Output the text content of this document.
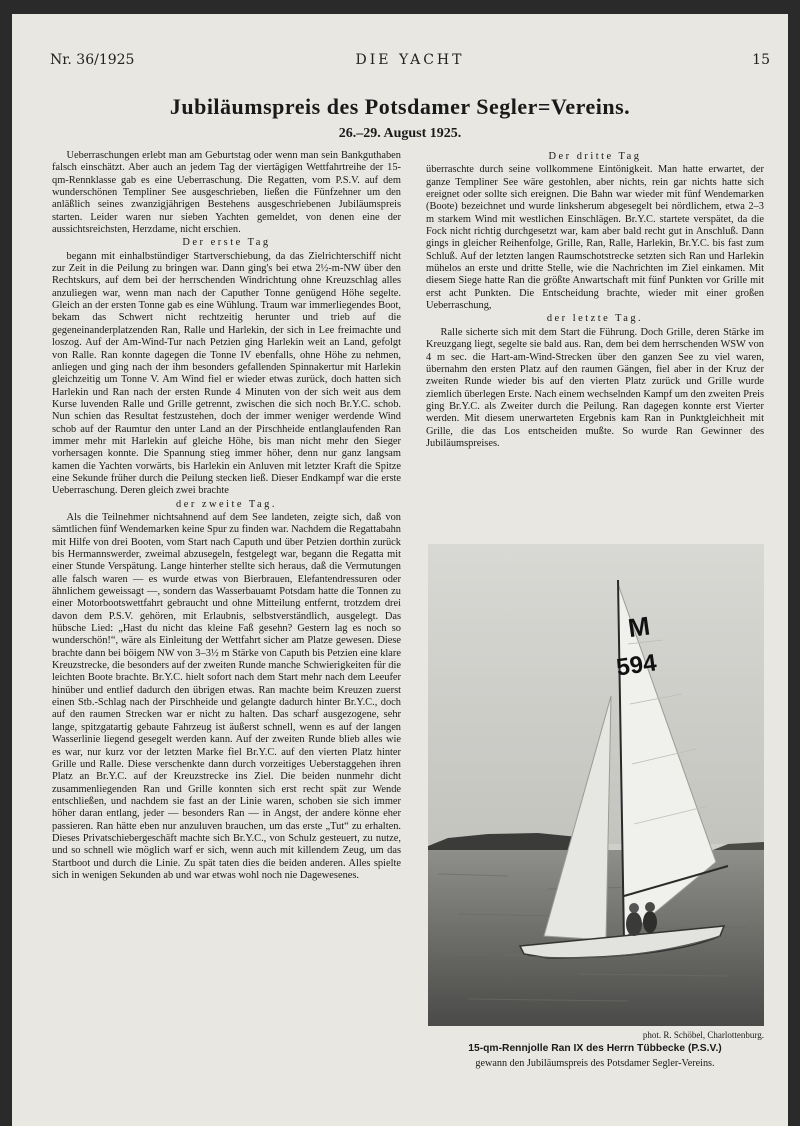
Nr. 36/1925	DIE YACHT	15
Jubiläumspreis des Potsdamer Segler=Vereins.
26.–29. August 1925.

Ueberraschungen erlebt man am Geburtstag oder wenn man sein Bankguthaben falsch einschätzt. Aber auch an jedem Tag der viertägigen Wettfahrtreihe der 15-qm-Rennklasse gab es eine Ueberraschung. Die Regatten, vom P.S.V. auf dem wunderschönen Templiner See ausgeschrieben, ließen die Fünfzehner um den anläßlich seines zwanzigjährigen Bestehens ausgeschriebenen Jubiläumspreis starten. Leider waren nur sieben Yachten gemeldet, von denen eine der aussichtsreichsten, Herzdame, nicht erschien.

Der erste Tag

begann mit einhalbstündiger Startverschiebung, da das Zielrichterschiff nicht zur Zeit in die Peilung zu bringen war. Dann ging's bei etwa 2½-m-NW über den Rechtskurs, auf dem bei der herrschenden Windrichtung ohne Kreuzschlag alles anzuliegen war, wenn man nach der Caputher Tonne genügend Höhe segelte. Gleich an der ersten Tonne gab es eine Wühlung. Traum war immerliegendes Boot, bekam das Schwert nicht rechtzeitig herunter und trieb auf die gegeneinanderplatzenden Ran, Ralle und Harlekin, der sich in Lee freimachte und loszog. Auf der Am-Wind-Tur nach Petzien ging Harlekin weit an Land, gefolgt von Ralle. Ran konnte dagegen die Tonne IV ebenfalls, ohne Höhe zu nehmen, anliegen und ging nach der ihm besonders gefallenden Spinnakertur mit Harlekin gleichzeitig um Tonne V. Am Wind fiel er wieder etwas zurück, doch hatten sich Harlekin und Ran nach der ersten Runde 4 Minuten von der sich weit aus dem Kurse luvenden Ralle und Grille getrennt, zwischen die sich noch Br.Y.C. schob. Nun schien das Resultat festzustehen, doch der immer weniger werdende Wind schob auf der Raumtur den unter Land an der Pirschheide entlanglaufenden Ran immer mehr mit Harlekin auf gleiche Höhe, bis man nicht mehr den Sieger vorhersagen konnte. Die Spannung stieg immer höher, denn nur ganz langsam kamen die Yachten vorwärts, bis Harlekin ein Anluven mit letzter Kraft die Spitze eine Sekunde früher durch die Peilung stecken ließ. Dieser Endkampf war die erste Ueberraschung. Deren gleich zwei brachte

der zweite Tag.

Als die Teilnehmer nichtsahnend auf dem See landeten, zeigte sich, daß von sämtlichen fünf Wendemarken keine Spur zu finden war. Nachdem die Regattabahn mit Hilfe von drei Booten, vom Start nach Caputh und über Petzien dorthin zurück bis Hermannswerder, zweimal abzusegeln, festgelegt war, begann die Regatta mit einer Stunde Verspätung. Lange hinterher stellte sich heraus, daß die Vermutungen alle falsch waren — es wurde etwas von Bierbrauen, Elefantendressuren oder ähnlichem geweissagt —, sondern das Wasserbauamt Potsdam hatte die Tonnen zu einer Motorbootswettfahrt gebraucht und ohne Mitteilung entfernt, trotzdem drei davon dem P.S.V. gehören, mit Erlaubnis, selbstverständlich, ausgelegt. Das hübsche Lied: „Hast du nicht das kleine Faß gesehn? Gestern lag es noch so wunderschön!“, wäre als Einleitung der Wettfahrt sicher am Platze gewesen. Diese brachte dann bei böigem NW von 3–3½ m Stärke von Caputh bis Petzien eine klare Kreuzstrecke, die besonders auf der zweiten Runde manche Schwierigkeiten für die leichten Boote brachte. Br.Y.C. hielt sofort nach dem Start mehr nach dem Leeufer hinüber und entlief dadurch den übrigen etwas. Ran machte beim Kreuzen zuerst einen Stb.-Schlag nach der Pirschheide und gelangte dadurch hinter Br.Y.C., doch auf den raumen Strecken war er nicht zu halten. Das scharf ausgezogene, sehr lange, spitzgatartig gebaute Fahrzeug ist äußerst schnell, wenn es auf der langen Wasserlinie liegend gesegelt werden kann. Auf der zweiten Runde blieb alles wie es war, nur kurz vor der letzten Marke fiel Br.Y.C. auf den vierten Platz hinter Grille und Ralle. Diese verschenkte dann durch vorzeitiges Ueberstaggehen ihren Platz an Br.Y.C. auf der Kreuzstrecke ins Ziel. Die beiden nunmehr dicht zusammenliegenden Ran und Grille konnten sich erst recht spät zur Wende entschließen, und nachdem sie fast an der Linie waren, schoben sie sich immer höher daran entlang, jeder — besonders Ran — in Angst, der andere könne eher passieren. Ran hätte eben nur anzuluven brauchen, um das erste „Tut“ zu erhalten. Dieses Privatschiebergeschäft machte sich Br.Y.C., von Schulz gesteuert, zu nutze, und so schnell wie möglich warf er sich, wenn auch mit killendem Zeug, um das Startboot und durch die Linie. Zu spät taten dies die beiden anderen. Alles spielte sich in wenigen Sekunden ab und war etwas wohl noch nie Dagewesenes.

Der dritte Tag

überraschte durch seine vollkommene Eintönigkeit. Man hatte erwartet, der ganze Templiner See wäre gestohlen, aber nichts, rein gar nichts hatte sich ereignet oder sollte sich ereignen. Die Bahn war wieder mit fünf Wendemarken (Boote) bezeichnet und wurde linksherum abgesegelt bei nördlichem, etwa 2–3 m starkem Wind mit westlichen Einschlägen. Br.Y.C. startete verspätet, da die Fock nicht richtig durchgesetzt war, kam aber bald recht gut in Anschluß. Dann gings in gleicher Reihenfolge, Grille, Ran, Ralle, Harlekin, Br.Y.C. bis fast zum Schluß. Auf der letzten langen Raumschotstrecke setzten sich Ran und Harlekin mühelos an erste und dritte Stelle, wie die Nachrichten im Ziel einkamen. Mit diesem Siege hatte Ran die größte Anwartschaft mit fünf Punkten vor Grille mit erst acht Punkten. Die Entscheidung brachte, wieder mit einer großen Ueberraschung,

der letzte Tag.

Ralle sicherte sich mit dem Start die Führung. Doch Grille, deren Stärke im Kreuzgang liegt, segelte sie bald aus. Ran, dem bei dem herrschenden WSW von 4 m sec. die Hart-am-Wind-Strecken über den ganzen See zu viel waren, übernahm den ersten Platz auf den raumen Gängen, fiel aber in der Kruz der zweiten Runde wieder bis auf den vierten Platz zurück und Grille wurde ziemlich überlegen Erste. Nach einem wechselnden Kampf um den zweiten Preis ging Br.Y.C. als Zweiter durch die Peilung. Ran dagegen konnte erst Vierter werden. Mit diesem unerwarteten Ergebnis kam Ran in Punktgleichheit mit Grille, die das Los entscheiden mußte. So wurde Ran Gewinner des Jubiläumspreises.

M
594
phot. R. Schöbel, Charlottenburg.
15-qm-Rennjolle Ran IX des Herrn Tübbecke (P.S.V.)
gewann den Jubiläumspreis des Potsdamer Segler-Vereins.
